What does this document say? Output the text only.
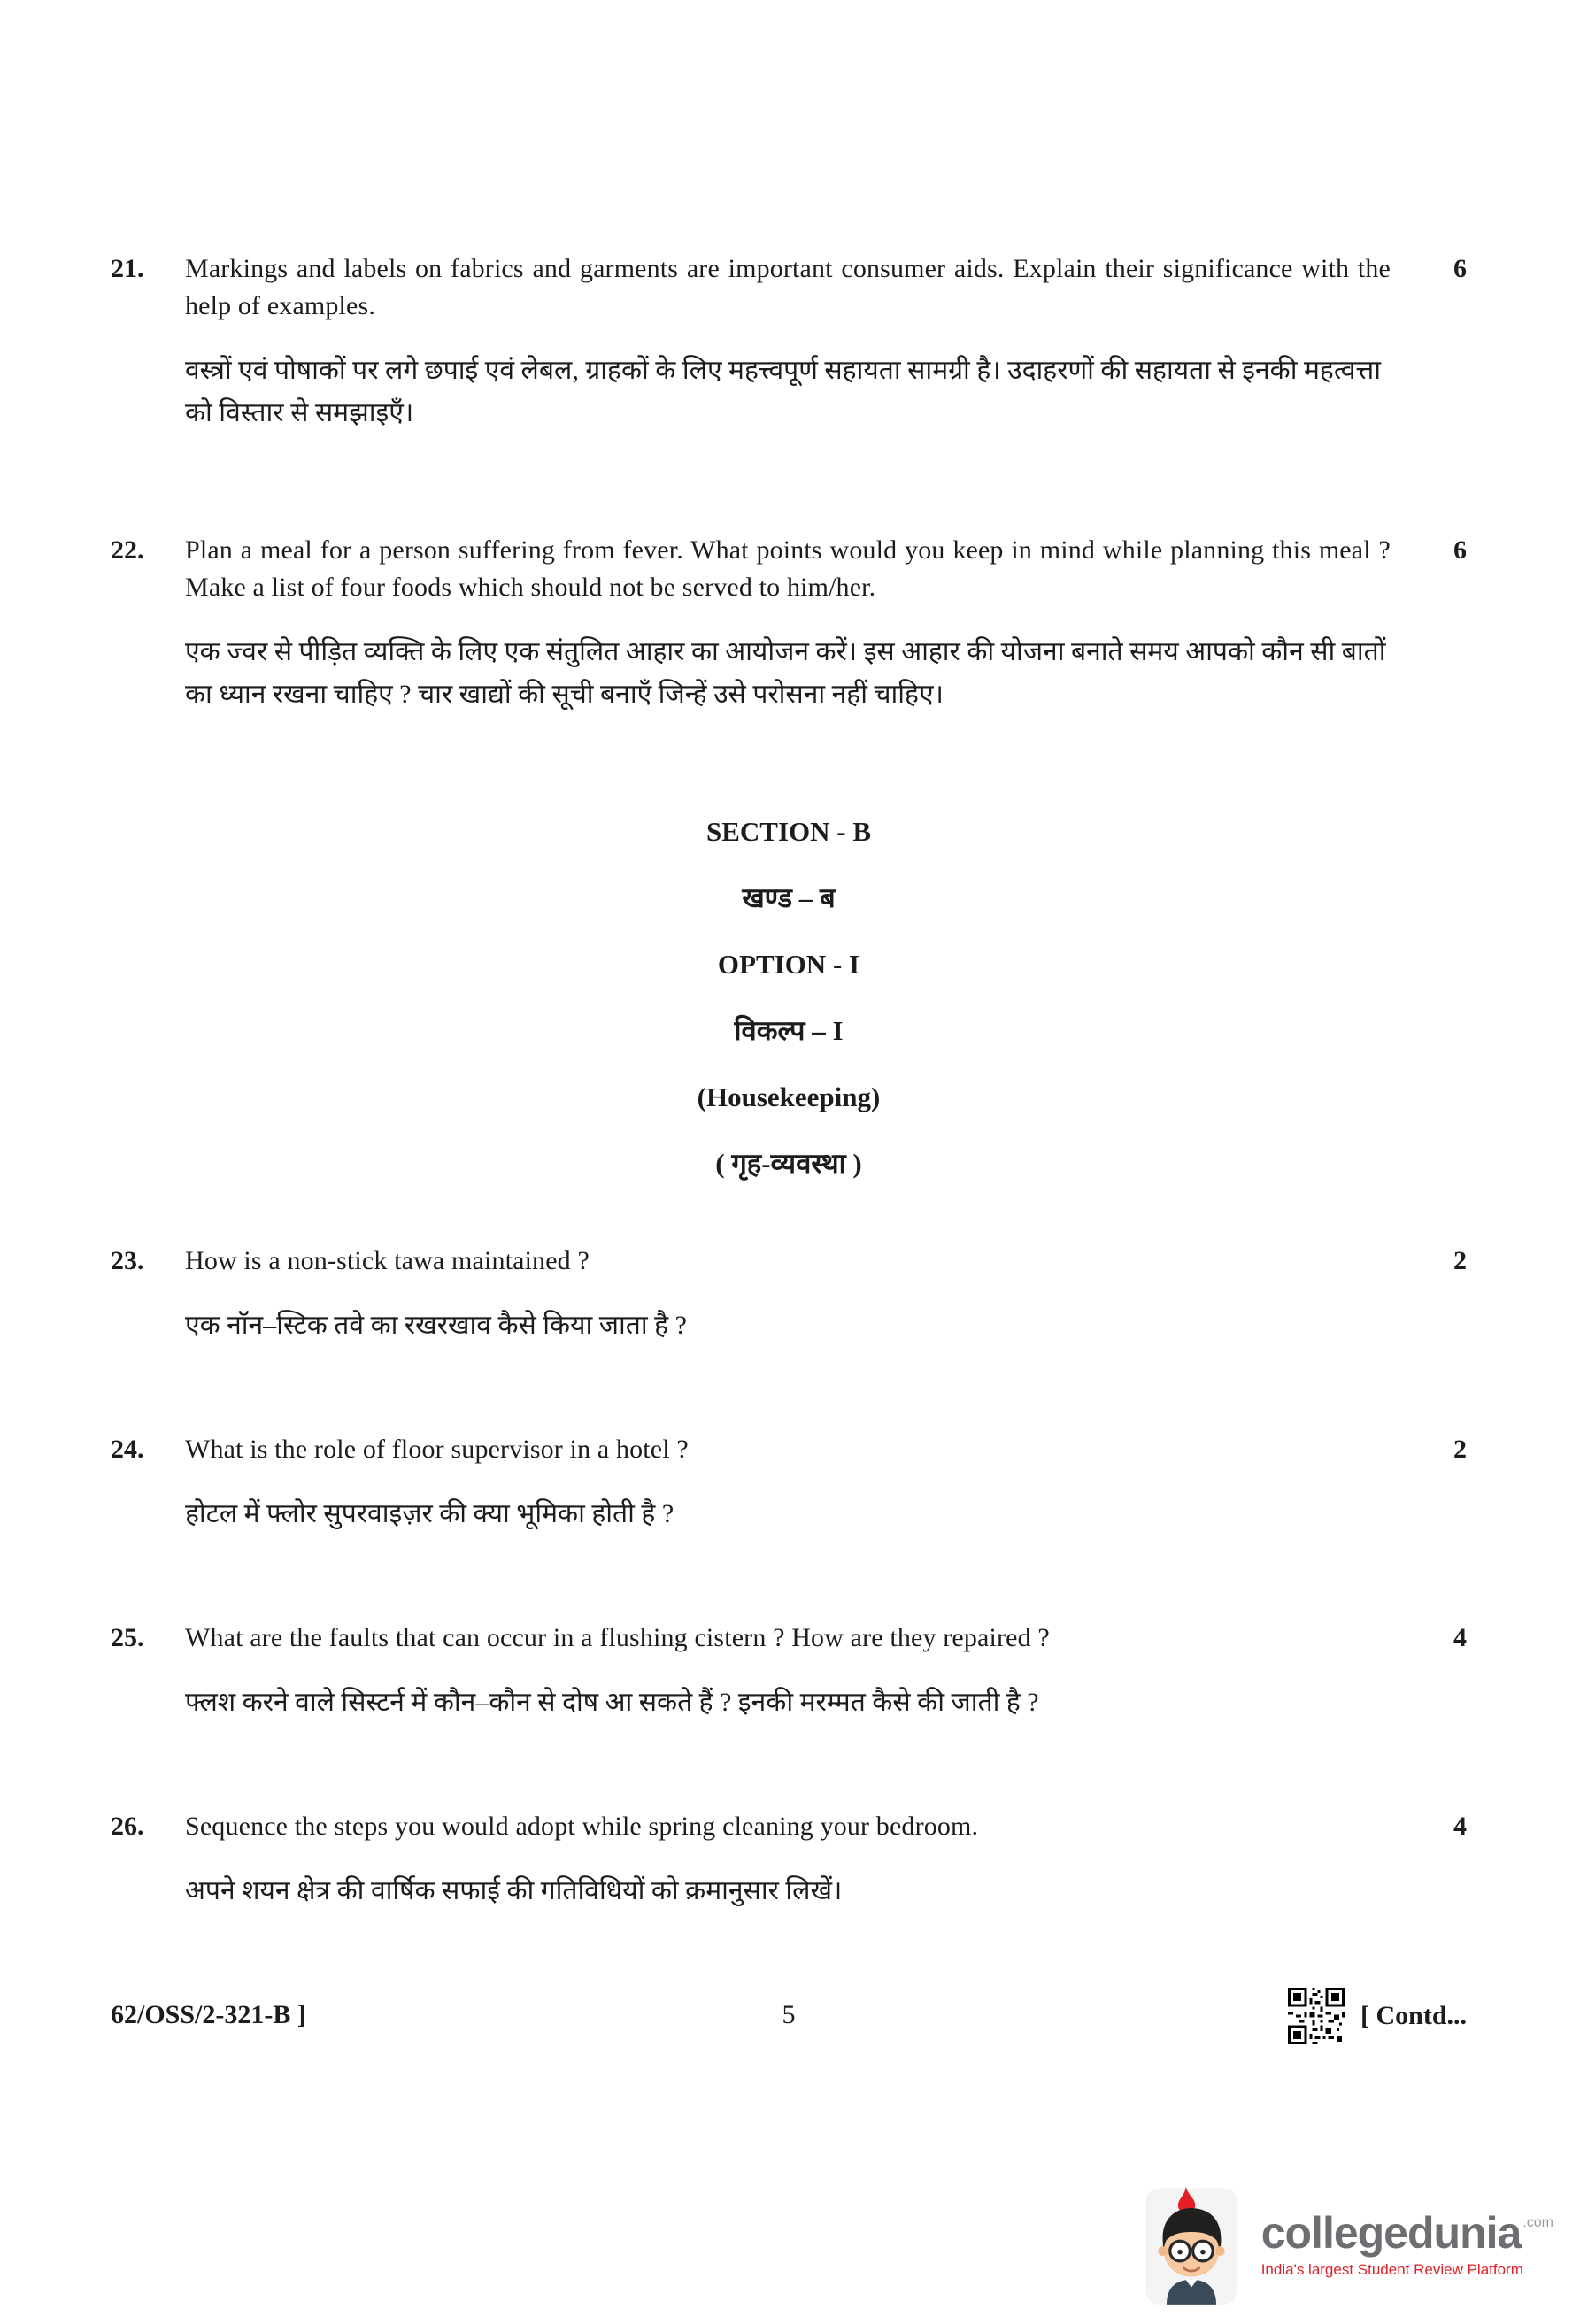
21.	Markings and labels on fabrics and garments are important consumer aids. Explain their significance with the help of examples.
वस्त्रों एवं पोषाकों पर लगे छपाई एवं लेबल, ग्राहकों के लिए महत्त्वपूर्ण सहायता सामग्री है। उदाहरणों की सहायता से इनकी महत्वत्ता को विस्तार से समझाइएँ।
6
22.	Plan a meal for a person suffering from fever. What points would you keep in mind while planning this meal ? Make a list of four foods which should not be served to him/her.
एक ज्वर से पीड़ित व्यक्ति के लिए एक संतुलित आहार का आयोजन करें। इस आहार की योजना बनाते समय आपको कौन सी बातों का ध्यान रखना चाहिए ? चार खाद्यों की सूची बनाएँ जिन्हें उसे परोसना नहीं चाहिए।
6
SECTION - B
खण्ड – ब
OPTION - I
विकल्प – I
(Housekeeping)
( गृह-व्यवस्था )
23.	How is a non-stick tawa maintained ?
एक नॉन–स्टिक तवे का रखरखाव कैसे किया जाता है ?
2
24.	What is the role of floor supervisor in a hotel ?
होटल में फ्लोर सुपरवाइज़र की क्या भूमिका होती है ?
2
25.	What are the faults that can occur in a flushing cistern ? How are they repaired ?
फ्लश करने वाले सिस्टर्न में कौन–कौन से दोष आ सकते हैं ? इनकी मरम्मत कैसे की जाती है ?
4
26.	Sequence the steps you would adopt while spring cleaning your bedroom.
अपने शयन क्षेत्र की वार्षिक सफाई की गतिविधियों को क्रमानुसार लिखें।
4
62/OSS/2-321-B ]	5	[ Contd...
collegedunia .com
India's largest Student Review Platform
